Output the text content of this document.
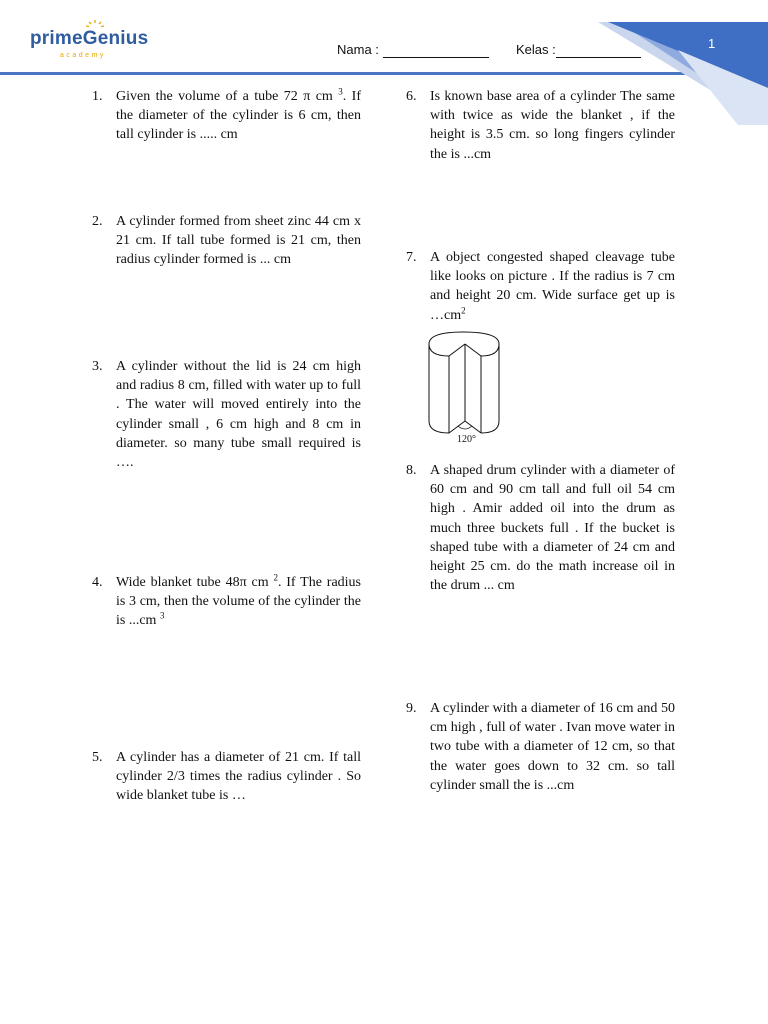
primeGenius
academy	Nama :	Kelas :	1
1. Given the volume of a tube 72 π cm $^3$. If the diameter of the cylinder is 6 cm, then tall cylinder is ..... cm

2. A cylinder formed from sheet zinc 44 cm x 21 cm. If tall tube formed is 21 cm, then radius cylinder formed is ... cm

3. A cylinder without the lid is 24 cm high and radius 8 cm, filled with water up to full . The water will moved entirely into the cylinder small , 6 cm high and 8 cm in diameter. so many tube small required is ….

4. Wide blanket tube 48π cm $^2$. If The radius is 3 cm, then the volume of the cylinder the is ...cm $^3$

5. A cylinder has a diameter of 21 cm. If tall cylinder 2/3 times the radius cylinder . So wide blanket tube is …

6. Is known base area of a cylinder The same with twice as wide the blanket , if the height is 3.5 cm. so long fingers cylinder the is ...cm

7. A object congested shaped cleavage tube like looks on picture . If the radius is 7 cm and height 20 cm. Wide surface get up is $\dots cm^2$

120°
8. A shaped drum cylinder with a diameter of 60 cm and 90 cm tall and full oil 54 cm high . Amir added oil into the drum as much three buckets full . If the bucket is shaped tube with a diameter of 24 cm and height 25 cm. do the math increase oil in the drum ... cm

9. A cylinder with a diameter of 16 cm and 50 cm high , full of water . Ivan move water in two tube with a diameter of 12 cm, so that the water goes down to 32 cm. so tall cylinder small the is ...cm
